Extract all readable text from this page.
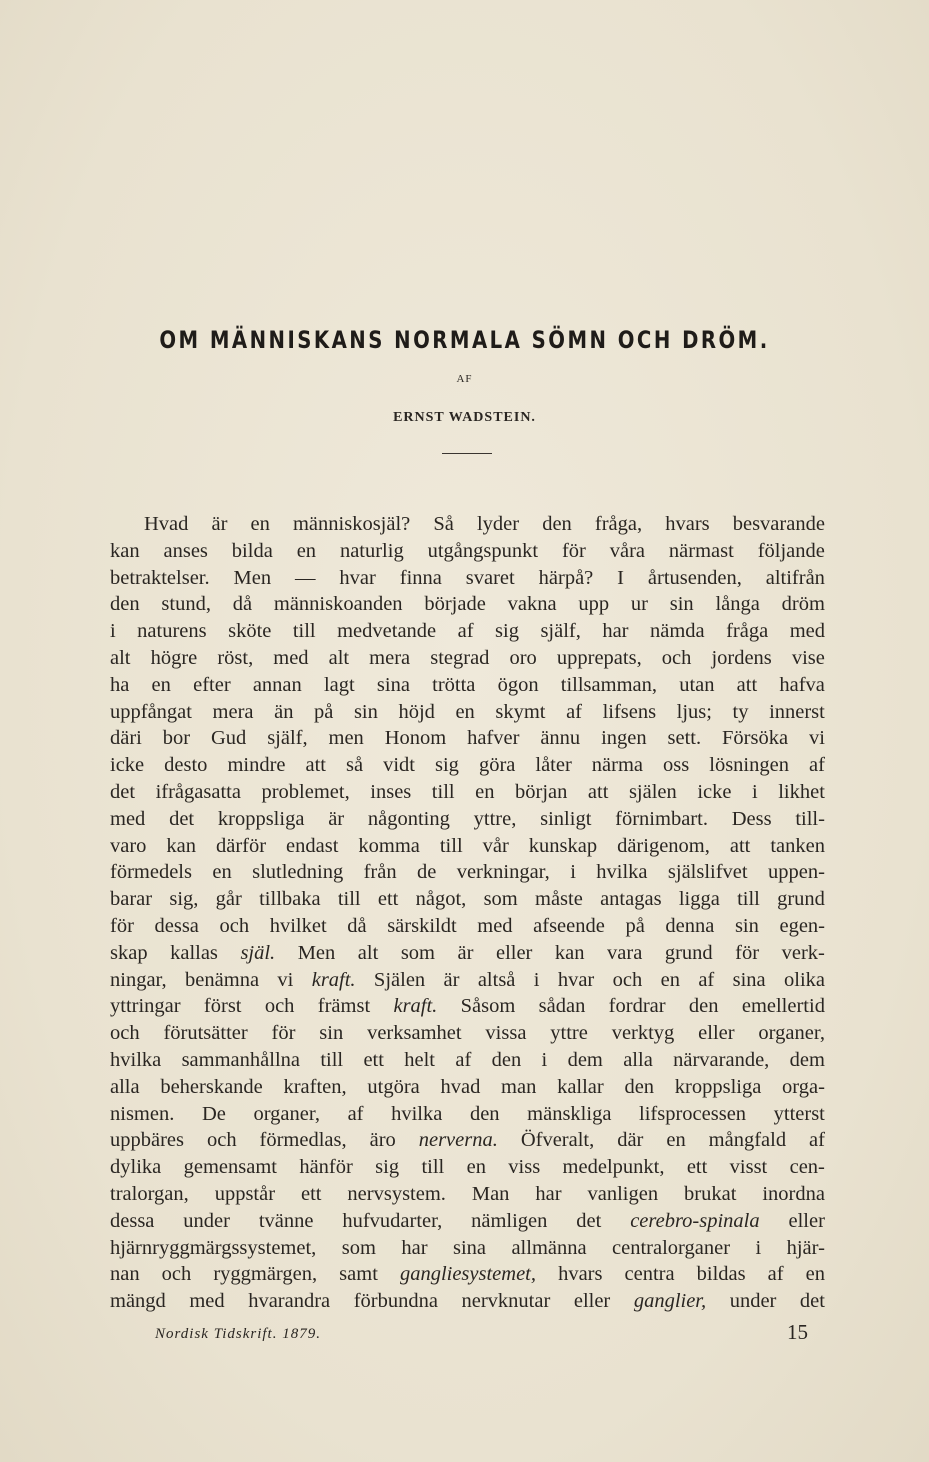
OM MÄNNISKANS NORMALA SÖMN OCH DRÖM.
AF
ERNST WADSTEIN.
Hvad är en människosjäl? Så lyder den fråga, hvars besvarande
kan anses bilda en naturlig utgångspunkt för våra närmast följande
betraktelser. Men — hvar finna svaret härpå? I årtusenden, altifrån
den stund, då människoanden började vakna upp ur sin långa dröm
i naturens sköte till medvetande af sig själf, har nämda fråga med
alt högre röst, med alt mera stegrad oro upprepats, och jordens vise
ha en efter annan lagt sina trötta ögon tillsamman, utan att hafva
uppfångat mera än på sin höjd en skymt af lifsens ljus; ty innerst
däri bor Gud själf, men Honom hafver ännu ingen sett. Försöka vi
icke desto mindre att så vidt sig göra låter närma oss lösningen af
det ifrågasatta problemet, inses till en början att själen icke i likhet
med det kroppsliga är någonting yttre, sinligt förnimbart. Dess till-
varo kan därför endast komma till vår kunskap därigenom, att tanken
förmedels en slutledning från de verkningar, i hvilka själslifvet uppen-
barar sig, går tillbaka till ett något, som måste antagas ligga till grund
för dessa och hvilket då särskildt med afseende på denna sin egen-
skap kallas själ. Men alt som är eller kan vara grund för verk-
ningar, benämna vi kraft. Själen är altså i hvar och en af sina olika
yttringar först och främst kraft. Såsom sådan fordrar den emellertid
och förutsätter för sin verksamhet vissa yttre verktyg eller organer,
hvilka sammanhållna till ett helt af den i dem alla närvarande, dem
alla beherskande kraften, utgöra hvad man kallar den kroppsliga orga-
nismen. De organer, af hvilka den mänskliga lifsprocessen ytterst
uppbäres och förmedlas, äro nerverna. Öfveralt, där en mångfald af
dylika gemensamt hänför sig till en viss medelpunkt, ett visst cen-
tralorgan, uppstår ett nervsystem. Man har vanligen brukat inordna
dessa under tvänne hufvudarter, nämligen det cerebro-spinala eller
hjärnryggmärgssystemet, som har sina allmänna centralorganer i hjär-
nan och ryggmärgen, samt gangliesystemet, hvars centra bildas af en
mängd med hvarandra förbundna nervknutar eller ganglier, under det
Nordisk Tidskrift. 1879.	15
